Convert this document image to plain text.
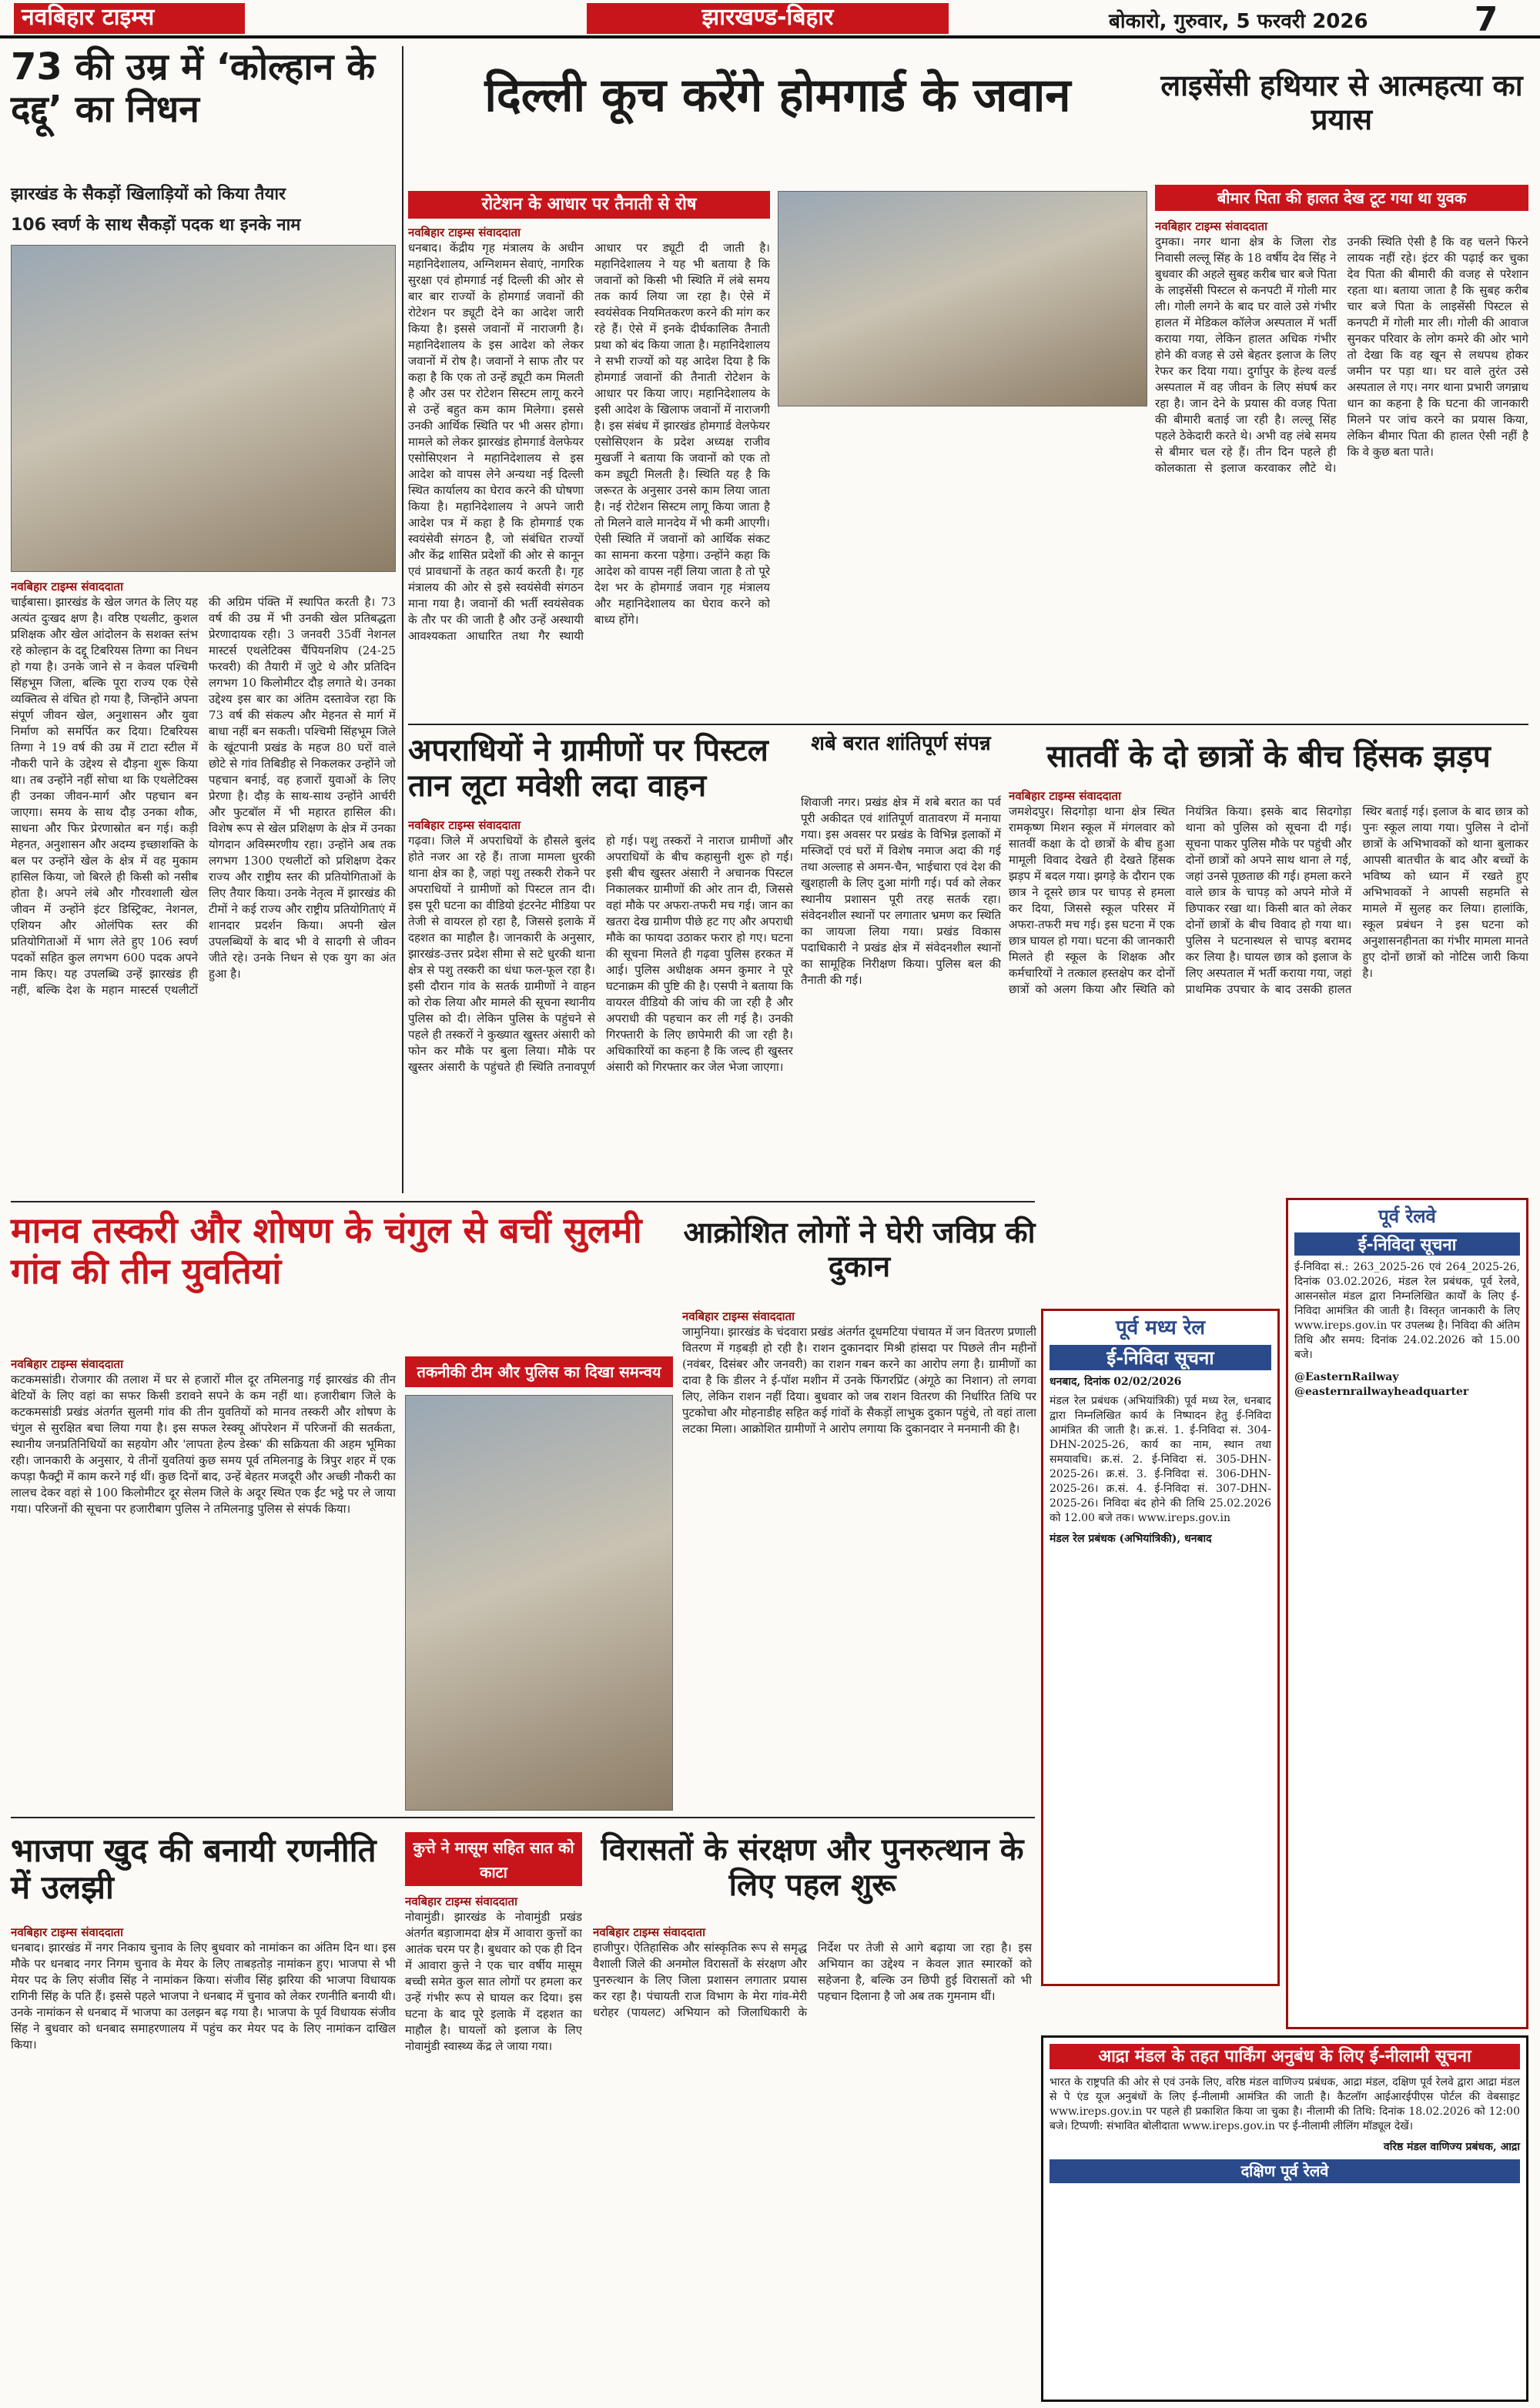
नवबिहार टाइम्स	झारखण्ड-बिहार	बोकारो, गुरुवार, 5 फरवरी 2026	7
73 की उम्र में ‘कोल्हान के दद्दू’ का निधन
झारखंड के सैकड़ों खिलाड़ियों को किया तैयार
106 स्वर्ण के साथ सैकड़ों पदक था इनके नाम
नवबिहार टाइम्स संवाददाता
चाईबासा। झारखंड के खेल जगत के लिए यह अत्यंत दुःखद क्षण है। वरिष्ठ एथलीट, कुशल प्रशिक्षक और खेल आंदोलन के सशक्त स्तंभ रहे कोल्हान के दद्दू टिबरियस तिग्गा का निधन हो गया है। उनके जाने से न केवल पश्चिमी सिंहभूम जिला, बल्कि पूरा राज्य एक ऐसे व्यक्तित्व से वंचित हो गया है, जिन्होंने अपना संपूर्ण जीवन खेल, अनुशासन और युवा निर्माण को समर्पित कर दिया। टिबरियस तिग्गा ने 19 वर्ष की उम्र में टाटा स्टील में नौकरी पाने के उद्देश्य से दौड़ना शुरू किया था। तब उन्होंने नहीं सोचा था कि एथलेटिक्स ही उनका जीवन-मार्ग और पहचान बन जाएगा। समय के साथ दौड़ उनका शौक, साधना और फिर प्रेरणास्रोत बन गई। कड़ी मेहनत, अनुशासन और अदम्य इच्छाशक्ति के बल पर उन्होंने खेल के क्षेत्र में वह मुकाम हासिल किया, जो बिरले ही किसी को नसीब होता है। अपने लंबे और गौरवशाली खेल जीवन में उन्होंने इंटर डिस्ट्रिक्ट, नेशनल, एशियन और ओलंपिक स्तर की प्रतियोगिताओं में भाग लेते हुए 106 स्वर्ण पदकों सहित कुल लगभग 600 पदक अपने नाम किए। यह उपलब्धि उन्हें झारखंड ही नहीं, बल्कि देश के महान मास्टर्स एथलीटों की अग्रिम पंक्ति में स्थापित करती है। 73 वर्ष की उम्र में भी उनकी खेल प्रतिबद्धता प्रेरणादायक रही। 3 जनवरी 35वीं नेशनल मास्टर्स एथलेटिक्स चैंपियनशिप (24-25 फरवरी) की तैयारी में जुटे थे और प्रतिदिन लगभग 10 किलोमीटर दौड़ लगाते थे। उनका उद्देश्य इस बार का अंतिम दस्तावेज रहा कि 73 वर्ष की संकल्प और मेहनत से मार्ग में बाधा नहीं बन सकती। पश्चिमी सिंहभूम जिले के खूंटपानी प्रखंड के महज 80 घरों वाले छोटे से गांव तिबिडीह से निकलकर उन्होंने जो पहचान बनाई, वह हजारों युवाओं के लिए प्रेरणा है। दौड़ के साथ-साथ उन्होंने आर्चरी और फुटबॉल में भी महारत हासिल की। विशेष रूप से खेल प्रशिक्षण के क्षेत्र में उनका योगदान अविस्मरणीय रहा। उन्होंने अब तक लगभग 1300 एथलीटों को प्रशिक्षण देकर राज्य और राष्ट्रीय स्तर की प्रतियोगिताओं के लिए तैयार किया। उनके नेतृत्व में झारखंड की टीमों ने कई राज्य और राष्ट्रीय प्रतियोगिताएं में शानदार प्रदर्शन किया। अपनी खेल उपलब्धियों के बाद भी वे सादगी से जीवन जीते रहे। उनके निधन से एक युग का अंत हुआ है।
दिल्ली कूच करेंगे होमगार्ड के जवान
रोटेशन के आधार पर तैनाती से रोष
नवबिहार टाइम्स संवाददाता
धनबाद। केंद्रीय गृह मंत्रालय के अधीन महानिदेशालय, अग्निशमन सेवाएं, नागरिक सुरक्षा एवं होमगार्ड नई दिल्ली की ओर से बार बार राज्यों के होमगार्ड जवानों की रोटेशन पर ड्यूटी देने का आदेश जारी किया है। इससे जवानों में नाराजगी है। महानिदेशालय के इस आदेश को लेकर जवानों में रोष है। जवानों ने साफ तौर पर कहा है कि एक तो उन्हें ड्यूटी कम मिलती है और उस पर रोटेशन सिस्टम लागू करने से उन्हें बहुत कम काम मिलेगा। इससे उनकी आर्थिक स्थिति पर भी असर होगा। मामले को लेकर झारखंड होमगार्ड वेलफेयर एसोसिएशन ने महानिदेशालय से इस आदेश को वापस लेने अन्यथा नई दिल्ली स्थित कार्यालय का घेराव करने की घोषणा किया है। महानिदेशालय ने अपने जारी आदेश पत्र में कहा है कि होमगार्ड एक स्वयंसेवी संगठन है, जो संबंधित राज्यों और केंद्र शासित प्रदेशों की ओर से कानून एवं प्रावधानों के तहत कार्य करती है। गृह मंत्रालय की ओर से इसे स्वयंसेवी संगठन माना गया है। जवानों की भर्ती स्वयंसेवक के तौर पर की जाती है और उन्हें अस्थायी आवश्यकता आधारित तथा गैर स्थायी आधार पर ड्यूटी दी जाती है। महानिदेशालय ने यह भी बताया है कि जवानों को किसी भी स्थिति में लंबे समय तक कार्य लिया जा रहा है। ऐसे में स्वयंसेवक नियमितकरण करने की मांग कर रहे हैं। ऐसे में इनके दीर्घकालिक तैनाती प्रथा को बंद किया जाता है। महानिदेशालय ने सभी राज्यों को यह आदेश दिया है कि होमगार्ड जवानों की तैनाती रोटेशन के आधार पर किया जाए। महानिदेशालय के इसी आदेश के खिलाफ जवानों में नाराजगी है। इस संबंध में झारखंड होमगार्ड वेलफेयर एसोसिएशन के प्रदेश अध्यक्ष राजीव मुखर्जी ने बताया कि जवानों को एक तो कम ड्यूटी मिलती है। स्थिति यह है कि जरूरत के अनुसार उनसे काम लिया जाता है। नई रोटेशन सिस्टम लागू किया जाता है तो मिलने वाले मानदेय में भी कमी आएगी। ऐसी स्थिति में जवानों को आर्थिक संकट का सामना करना पड़ेगा। उन्होंने कहा कि आदेश को वापस नहीं लिया जाता है तो पूरे देश भर के होमगार्ड जवान गृह मंत्रालय और महानिदेशालय का घेराव करने को बाध्य होंगे।
लाइसेंसी हथियार से आत्महत्या का प्रयास
बीमार पिता की हालत देख टूट गया था युवक
नवबिहार टाइम्स संवाददाता
दुमका। नगर थाना क्षेत्र के जिला रोड निवासी लल्लू सिंह के 18 वर्षीय देव सिंह ने बुधवार की अहले सुबह करीब चार बजे पिता के लाइसेंसी पिस्टल से कनपटी में गोली मार ली। गोली लगने के बाद घर वाले उसे गंभीर हालत में मेडिकल कॉलेज अस्पताल में भर्ती कराया गया, लेकिन हालत अधिक गंभीर होने की वजह से उसे बेहतर इलाज के लिए रेफर कर दिया गया। दुर्गापुर के हेल्थ वर्ल्ड अस्पताल में वह जीवन के लिए संघर्ष कर रहा है। जान देने के प्रयास की वजह पिता की बीमारी बताई जा रही है। लल्लू सिंह पहले ठेकेदारी करते थे। अभी वह लंबे समय से बीमार चल रहे हैं। तीन दिन पहले ही कोलकाता से इलाज करवाकर लौटे थे। उनकी स्थिति ऐसी है कि वह चलने फिरने लायक नहीं रहे। इंटर की पढ़ाई कर चुका देव पिता की बीमारी की वजह से परेशान रहता था। बताया जाता है कि सुबह करीब चार बजे पिता के लाइसेंसी पिस्टल से कनपटी में गोली मार ली। गोली की आवाज सुनकर परिवार के लोग कमरे की ओर भागे तो देखा कि वह खून से लथपथ होकर जमीन पर पड़ा था। घर वाले तुरंत उसे अस्पताल ले गए। नगर थाना प्रभारी जगन्नाथ धान का कहना है कि घटना की जानकारी मिलने पर जांच करने का प्रयास किया, लेकिन बीमार पिता की हालत ऐसी नहीं है कि वे कुछ बता पाते।
अपराधियों ने ग्रामीणों पर पिस्टल तान लूटा मवेशी लदा वाहन
नवबिहार टाइम्स संवाददाता
गढ़वा। जिले में अपराधियों के हौसले बुलंद होते नजर आ रहे हैं। ताजा मामला धुरकी थाना क्षेत्र का है, जहां पशु तस्करी रोकने पर अपराधियों ने ग्रामीणों को पिस्टल तान दी। इस पूरी घटना का वीडियो इंटरनेट मीडिया पर तेजी से वायरल हो रहा है, जिससे इलाके में दहशत का माहौल है। जानकारी के अनुसार, झारखंड-उत्तर प्रदेश सीमा से सटे धुरकी थाना क्षेत्र से पशु तस्करी का धंधा फल-फूल रहा है। इसी दौरान गांव के सतर्क ग्रामीणों ने वाहन को रोक लिया और मामले की सूचना स्थानीय पुलिस को दी। लेकिन पुलिस के पहुंचने से पहले ही तस्करों ने कुख्यात खुस्तर अंसारी को फोन कर मौके पर बुला लिया। मौके पर खुस्तर अंसारी के पहुंचते ही स्थिति तनावपूर्ण हो गई। पशु तस्करों ने नाराज ग्रामीणों और अपराधियों के बीच कहासुनी शुरू हो गई। इसी बीच खुस्तर अंसारी ने अचानक पिस्टल निकालकर ग्रामीणों की ओर तान दी, जिससे वहां मौके पर अफरा-तफरी मच गई। जान का खतरा देख ग्रामीण पीछे हट गए और अपराधी मौके का फायदा उठाकर फरार हो गए। घटना की सूचना मिलते ही गढ़वा पुलिस हरकत में आई। पुलिस अधीक्षक अमन कुमार ने पूरे घटनाक्रम की पुष्टि की है। एसपी ने बताया कि वायरल वीडियो की जांच की जा रही है और अपराधी की पहचान कर ली गई है। उनकी गिरफ्तारी के लिए छापेमारी की जा रही है। अधिकारियों का कहना है कि जल्द ही खुस्तर अंसारी को गिरफ्तार कर जेल भेजा जाएगा।
शबे बरात शांतिपूर्ण संपन्न
शिवाजी नगर। प्रखंड क्षेत्र में शबे बरात का पर्व पूरी अकीदत एवं शांतिपूर्ण वातावरण में मनाया गया। इस अवसर पर प्रखंड के विभिन्न इलाकों में मस्जिदों एवं घरों में विशेष नमाज अदा की गई तथा अल्लाह से अमन-चैन, भाईचारा एवं देश की खुशहाली के लिए दुआ मांगी गई। पर्व को लेकर स्थानीय प्रशासन पूरी तरह सतर्क रहा। संवेदनशील स्थानों पर लगातार भ्रमण कर स्थिति का जायजा लिया गया। प्रखंड विकास पदाधिकारी ने प्रखंड क्षेत्र में संवेदनशील स्थानों का सामूहिक निरीक्षण किया। पुलिस बल की तैनाती की गई।
सातवीं के दो छात्रों के बीच हिंसक झड़प
नवबिहार टाइम्स संवाददाता
जमशेदपुर। सिदगोड़ा थाना क्षेत्र स्थित रामकृष्ण मिशन स्कूल में मंगलवार को सातवीं कक्षा के दो छात्रों के बीच हुआ मामूली विवाद देखते ही देखते हिंसक झड़प में बदल गया। झगड़े के दौरान एक छात्र ने दूसरे छात्र पर चापड़ से हमला कर दिया, जिससे स्कूल परिसर में अफरा-तफरी मच गई। इस घटना में एक छात्र घायल हो गया। घटना की जानकारी मिलते ही स्कूल के शिक्षक और कर्मचारियों ने तत्काल हस्तक्षेप कर दोनों छात्रों को अलग किया और स्थिति को नियंत्रित किया। इसके बाद सिदगोड़ा थाना को पुलिस को सूचना दी गई। सूचना पाकर पुलिस मौके पर पहुंची और दोनों छात्रों को अपने साथ थाना ले गई, जहां उनसे पूछताछ की गई। हमला करने वाले छात्र के चापड़ को अपने मोजे में छिपाकर रखा था। किसी बात को लेकर दोनों छात्रों के बीच विवाद हो गया था। पुलिस ने घटनास्थल से चापड़ बरामद कर लिया है। घायल छात्र को इलाज के लिए अस्पताल में भर्ती कराया गया, जहां प्राथमिक उपचार के बाद उसकी हालत स्थिर बताई गई। इलाज के बाद छात्र को पुनः स्कूल लाया गया। पुलिस ने दोनों छात्रों के अभिभावकों को थाना बुलाकर आपसी बातचीत के बाद और बच्चों के भविष्य को ध्यान में रखते हुए अभिभावकों ने आपसी सहमति से मामले में सुलह कर लिया। हालांकि, स्कूल प्रबंधन ने इस घटना को अनुशासनहीनता का गंभीर मामला मानते हुए दोनों छात्रों को नोटिस जारी किया है।
मानव तस्करी और शोषण के चंगुल से बचीं सुलमी गांव की तीन युवतियां
नवबिहार टाइम्स संवाददाता
कटकमसांडी। रोजगार की तलाश में घर से हजारों मील दूर तमिलनाडु गई झारखंड की तीन बेटियों के लिए वहां का सफर किसी डरावने सपने के कम नहीं था। हजारीबाग जिले के कटकमसांडी प्रखंड अंतर्गत सुलमी गांव की तीन युवतियों को मानव तस्करी और शोषण के चंगुल से सुरक्षित बचा लिया गया है। इस सफल रेस्क्यू ऑपरेशन में परिजनों की सतर्कता, स्थानीय जनप्रतिनिधियों का सहयोग और 'लापता हेल्प डेस्क' की सक्रियता की अहम भूमिका रही। जानकारी के अनुसार, ये तीनों युवतियां कुछ समय पूर्व तमिलनाडु के त्रिपुर शहर में एक कपड़ा फैक्ट्री में काम करने गई थीं। कुछ दिनों बाद, उन्हें बेहतर मजदूरी और अच्छी नौकरी का लालच देकर वहां से 100 किलोमीटर दूर सेलम जिले के अदूर स्थित एक ईंट भट्ठे पर ले जाया गया। परिजनों की सूचना पर हजारीबाग पुलिस ने तमिलनाडु पुलिस से संपर्क किया।
तकनीकी टीम और पुलिस का दिखा समन्वय
आक्रोशित लोगों ने घेरी जविप्र की दुकान
नवबिहार टाइम्स संवाददाता
जामुनिया। झारखंड के चंदवारा प्रखंड अंतर्गत दूधमटिया पंचायत में जन वितरण प्रणाली वितरण में गड़बड़ी हो रही है। राशन दुकानदार मिश्री हांसदा पर पिछले तीन महीनों (नवंबर, दिसंबर और जनवरी) का राशन गबन करने का आरोप लगा है। ग्रामीणों का दावा है कि डीलर ने ई-पॉश मशीन में उनके फिंगरप्रिंट (अंगूठे का निशान) तो लगवा लिए, लेकिन राशन नहीं दिया। बुधवार को जब राशन वितरण की निर्धारित तिथि पर पुटकोचा और मोहनाडीह सहित कई गांवों के सैकड़ों लाभुक दुकान पहुंचे, तो वहां ताला लटका मिला। आक्रोशित ग्रामीणों ने आरोप लगाया कि दुकानदार ने मनमानी की है।
पूर्व मध्य रेल
ई-निविदा सूचना
धनबाद, दिनांक 02/02/2026
मंडल रेल प्रबंधक (अभियांत्रिकी) पूर्व मध्य रेल, धनबाद द्वारा निम्नलिखित कार्य के निष्पादन हेतु ई-निविदा आमंत्रित की जाती है। क्र.सं. 1. ई-निविदा सं. 304-DHN-2025-26, कार्य का नाम, स्थान तथा समयावधि। क्र.सं. 2. ई-निविदा सं. 305-DHN-2025-26। क्र.सं. 3. ई-निविदा सं. 306-DHN-2025-26। क्र.सं. 4. ई-निविदा सं. 307-DHN-2025-26। निविदा बंद होने की तिथि 25.02.2026 को 12.00 बजे तक। www.ireps.gov.in
मंडल रेल प्रबंधक (अभियांत्रिकी), धनबाद
पूर्व रेलवे
ई-निविदा सूचना
ई-निविदा सं.: 263_2025-26 एवं 264_2025-26, दिनांक 03.02.2026, मंडल रेल प्रबंधक, पूर्व रेलवे, आसनसोल मंडल द्वारा निम्नलिखित कार्यों के लिए ई-निविदा आमंत्रित की जाती है। विस्तृत जानकारी के लिए www.ireps.gov.in पर उपलब्ध है। निविदा की अंतिम तिथि और समय: दिनांक 24.02.2026 को 15.00 बजे।
@EasternRailway
@easternrailwayheadquarter
भाजपा खुद की बनायी रणनीति में उलझी
नवबिहार टाइम्स संवाददाता
धनबाद। झारखंड में नगर निकाय चुनाव के लिए बुधवार को नामांकन का अंतिम दिन था। इस मौके पर धनबाद नगर निगम चुनाव के मेयर के लिए ताबड़तोड़ नामांकन हुए। भाजपा से भी मेयर पद के लिए संजीव सिंह ने नामांकन किया। संजीव सिंह झरिया की भाजपा विधायक रागिनी सिंह के पति हैं। इससे पहले भाजपा ने धनबाद में चुनाव को लेकर रणनीति बनायी थी। उनके नामांकन से धनबाद में भाजपा का उलझन बढ़ गया है। भाजपा के पूर्व विधायक संजीव सिंह ने बुधवार को धनबाद समाहरणालय में पहुंच कर मेयर पद के लिए नामांकन दाखिल किया।
कुत्ते ने मासूम सहित सात को काटा
नवबिहार टाइम्स संवाददाता
नोवामुंडी। झारखंड के नोवामुंडी प्रखंड अंतर्गत बड़ाजामदा क्षेत्र में आवारा कुत्तों का आतंक चरम पर है। बुधवार को एक ही दिन में आवारा कुत्ते ने एक चार वर्षीय मासूम बच्ची समेत कुल सात लोगों पर हमला कर उन्हें गंभीर रूप से घायल कर दिया। इस घटना के बाद पूरे इलाके में दहशत का माहौल है। घायलों को इलाज के लिए नोवामुंडी स्वास्थ्य केंद्र ले जाया गया।
विरासतों के संरक्षण और पुनरुत्थान के लिए पहल शुरू
नवबिहार टाइम्स संवाददाता
हाजीपुर। ऐतिहासिक और सांस्कृतिक रूप से समृद्ध वैशाली जिले की अनमोल विरासतों के संरक्षण और पुनरुत्थान के लिए जिला प्रशासन लगातार प्रयास कर रहा है। पंचायती राज विभाग के मेरा गांव-मेरी धरोहर (पायलट) अभियान को जिलाधिकारी के निर्देश पर तेजी से आगे बढ़ाया जा रहा है। इस अभियान का उद्देश्य न केवल ज्ञात स्मारकों को सहेजना है, बल्कि उन छिपी हुई विरासतों को भी पहचान दिलाना है जो अब तक गुमनाम थीं।
आद्रा मंडल के तहत पार्किंग अनुबंध के लिए ई-नीलामी सूचना
भारत के राष्ट्रपति की ओर से एवं उनके लिए, वरिष्ठ मंडल वाणिज्य प्रबंधक, आद्रा मंडल, दक्षिण पूर्व रेलवे द्वारा आद्रा मंडल से पे एंड यूज अनुबंधों के लिए ई-नीलामी आमंत्रित की जाती है। कैटलॉग आईआरईपीएस पोर्टल की वेबसाइट www.ireps.gov.in पर पहले ही प्रकाशित किया जा चुका है। नीलामी की तिथि: दिनांक 18.02.2026 को 12:00 बजे। टिप्पणी: संभावित बोलीदाता www.ireps.gov.in पर ई-नीलामी लीलिंग मॉड्यूल देखें।
वरिष्ठ मंडल वाणिज्य प्रबंधक, आद्रा
दक्षिण पूर्व रेलवे
